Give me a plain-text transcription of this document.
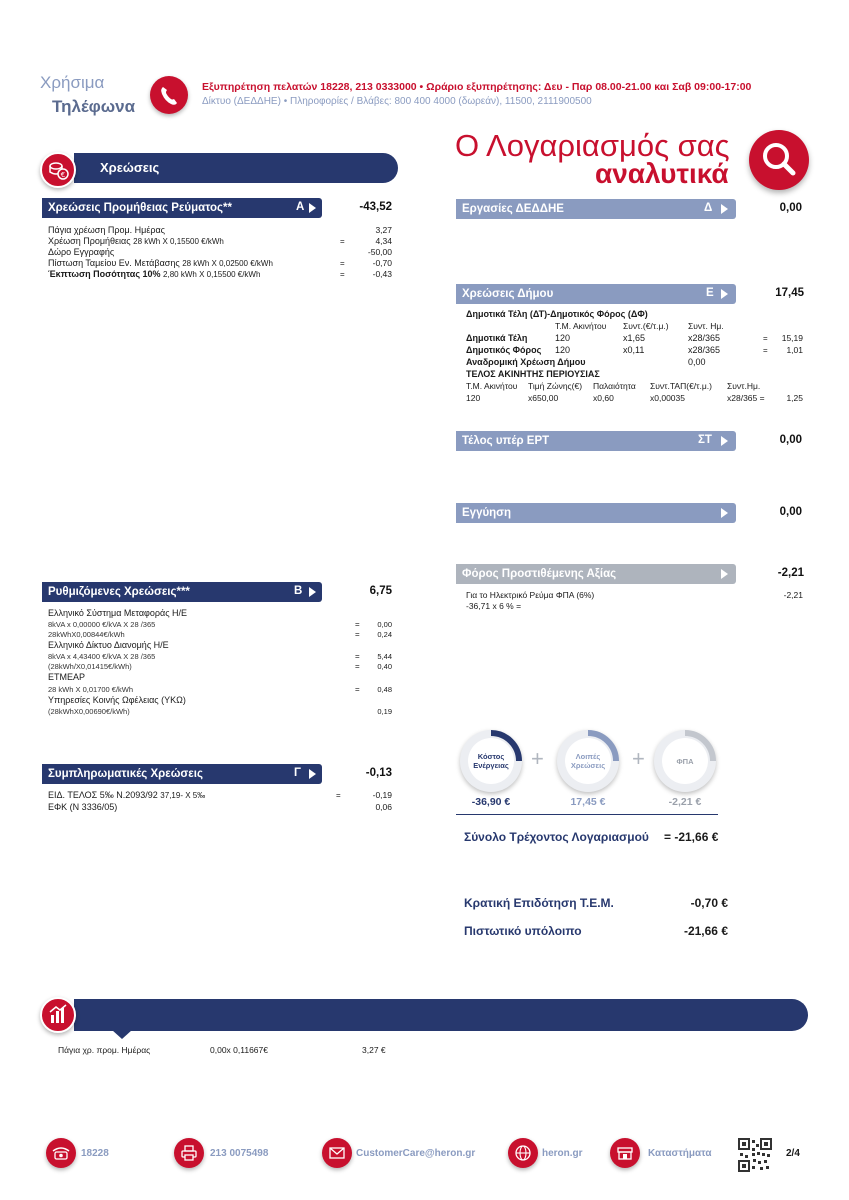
Χρήσιμα
Τηλέφωνα
Εξυπηρέτηση πελατών 18228, 213 0333000 • Ωράριο εξυπηρέτησης: Δευ - Παρ 08.00-21.00 και Σαβ 09:00-17:00
Δίκτυο (ΔΕΔΔΗΕ) • Πληροφορίες / Βλάβες: 800 400 4000 (δωρεάν), 11500, 2111900500
Ο Λογαριασμός σας
αναλυτικά
Χρεώσεις
€
Χρεώσεις Προμήθειας Ρεύματος**	Α	-43,52
Πάγια χρέωση Προμ. Ημέρας	3,27
Χρέωση Προμήθειας 28 kWh X 0,15500 €/kWh	=	4,34
Δώρο Εγγραφής	-50,00
Πίστωση Ταμείου Εν. Μετάβασης 28 kWh X 0,02500 €/kWh	=	-0,70
Έκπτωση Ποσότητας 10% 2,80 kWh X 0,15500 €/kWh	=	-0,43
Ρυθμιζόμενες Χρεώσεις***	Β	6,75
Ελληνικό Σύστημα Μεταφοράς Η/Ε
8kVA x 0,00000 €/kVA X 28 /365	=	0,00
28kWhX0,00844€/kWh	=	0,24
Ελληνικό Δίκτυο Διανομής Η/Ε
8kVA x 4,43400 €/kVA X 28 /365	=	5,44
(28kWh/X0,01415€/kWh)	=	0,40
ΕΤΜΕΑΡ
28 kWh X 0,01700 €/kWh	=	0,48
Υπηρεσίες Κοινής Ωφέλειας (ΥΚΩ)
(28kWhX0,00690€/kWh)	0,19
Συμπληρωματικές Χρεώσεις	Γ	-0,13
ΕΙΔ. ΤΕΛΟΣ 5‰ Ν.2093/92 37,19- X 5‰	=	-0,19
ΕΦΚ (Ν 3336/05)	0,06
Εργασίες ΔΕΔΔΗΕ	Δ	0,00
Χρεώσεις Δήμου	Ε	17,45
Δημοτικά Τέλη (ΔΤ)-Δημοτικός Φόρος (ΔΦ)
Τ.Μ. Ακινήτου Συντ.(€/τ.μ.) Συντ. Ημ.
Δημοτικά Τέλη	120	x1,65	x28/365	=	15,19
Δημοτικός Φόρος 120	x0,11	x28/365	=	1,01
Αναδρομική Χρέωση Δήμου	0,00
ΤΕΛΟΣ ΑΚΙΝΗΤΗΣ ΠΕΡΙΟΥΣΙΑΣ
Τ.Μ. Ακινήτου Τιμή Ζώνης(€) Παλαιότητα Συντ.ΤΑΠ(€/τ.μ.) Συντ.Ημ.
120	x650,00	x0,60	x0,00035	x28/365 =	1,25
Τέλος υπέρ ΕΡΤ	ΣΤ	0,00
Εγγύηση	0,00
Φόρος Προστιθέμενης Αξίας	-2,21
Για το Ηλεκτρικό Ρεύμα ΦΠΑ (6%)	-2,21
-36,71 x 6 % =
Κόστος Ενέργειας +	Λοιπές Χρεώσεις +	ΦΠΑ
-36,90 €	17,45 €	-2,21 €
Σύνολο Τρέχοντος Λογαριασμού = -21,66 €
Κρατική Επιδότηση Τ.Ε.Μ.	-0,70 €
Πιστωτικό υπόλοιπο	-21,66 €
Πάγια χρ. προμ. Ημέρας	0,00x 0,11667€	3,27 €
18228	213 0075498	CustomerCare@heron.gr	heron.gr	Καταστήματα	2/4
